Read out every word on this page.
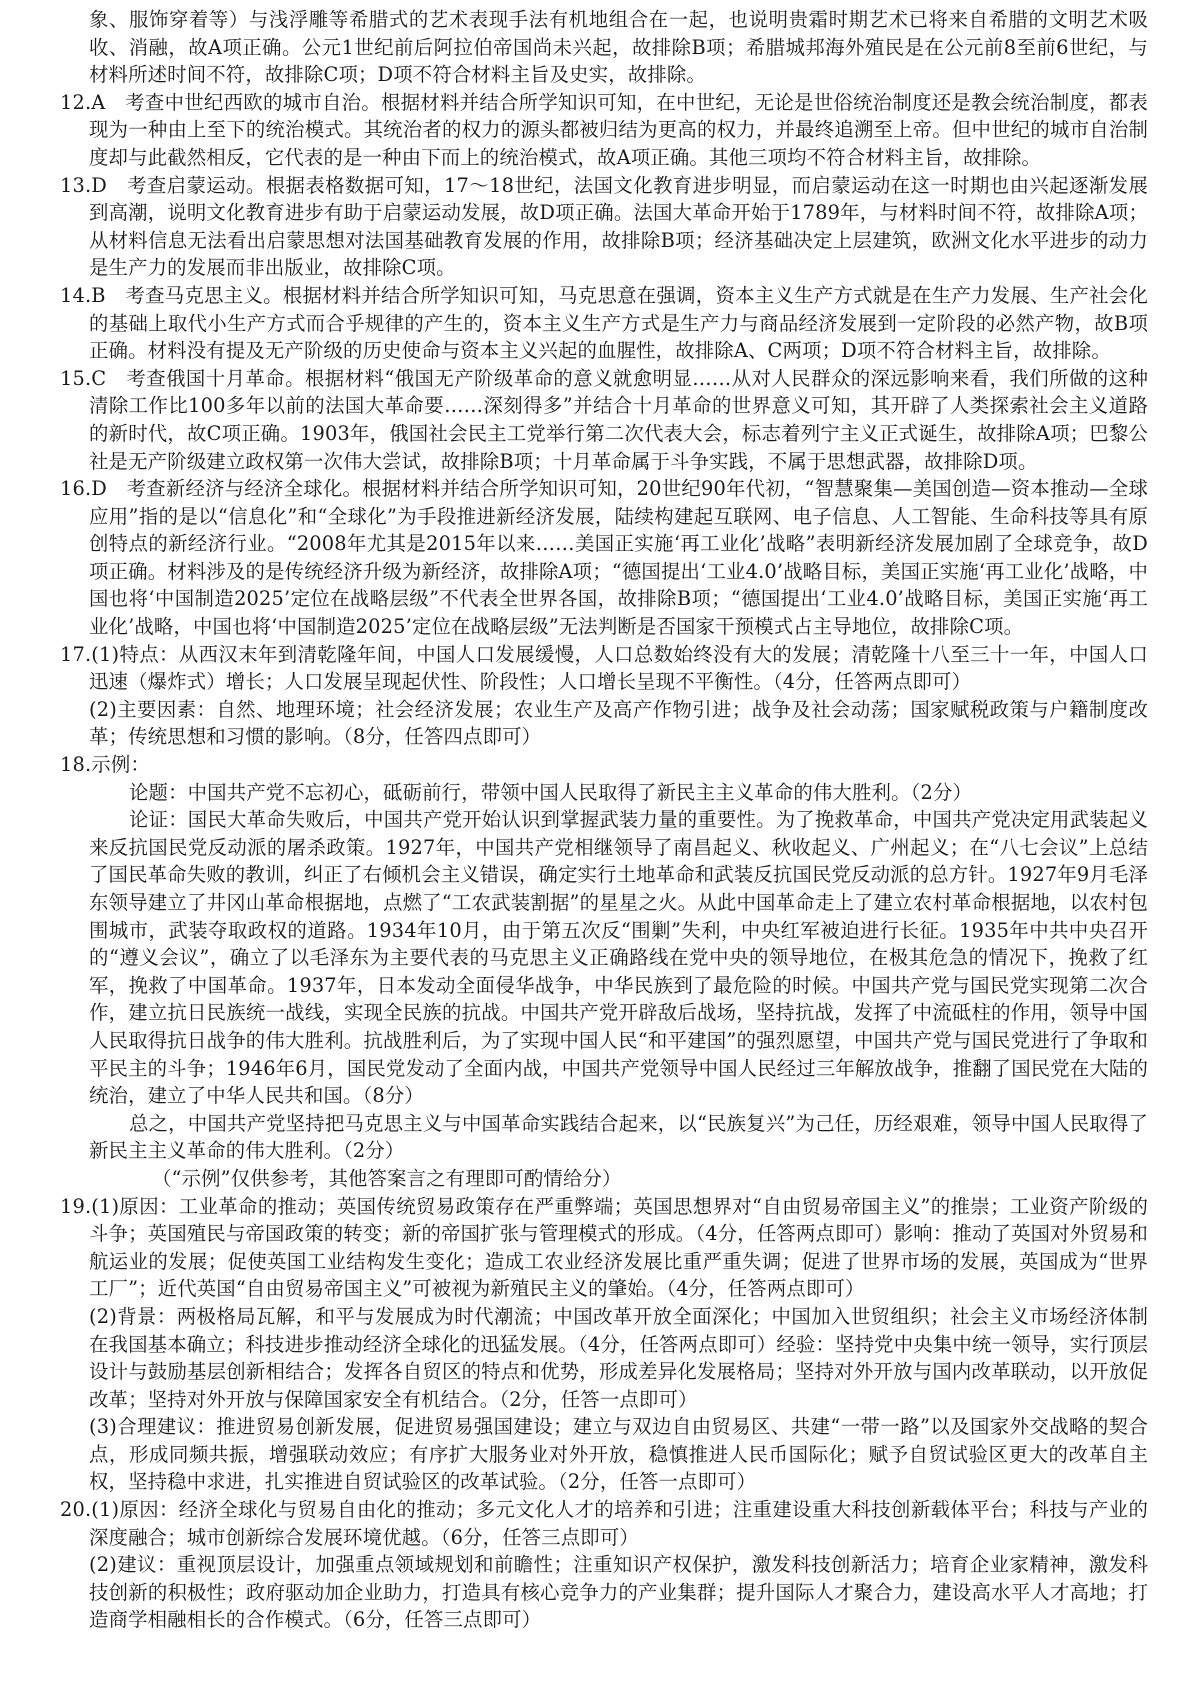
象、服饰穿着等）与浅浮雕等希腊式的艺术表现手法有机地组合在一起，也说明贵霜时期艺术已将来自希腊的文明艺术吸收、消融，故A项正确。公元1世纪前后阿拉伯帝国尚未兴起，故排除B项；希腊城邦海外殖民是在公元前8至前6世纪，与材料所述时间不符，故排除C项；D项不符合材料主旨及史实，故排除。

12.A　考查中世纪西欧的城市自治。根据材料并结合所学知识可知，在中世纪，无论是世俗统治制度还是教会统治制度，都表现为一种由上至下的统治模式。其统治者的权力的源头都被归结为更高的权力，并最终追溯至上帝。但中世纪的城市自治制度却与此截然相反，它代表的是一种由下而上的统治模式，故A项正确。其他三项均不符合材料主旨，故排除。

13.D　考查启蒙运动。根据表格数据可知，17～18世纪，法国文化教育进步明显，而启蒙运动在这一时期也由兴起逐渐发展到高潮，说明文化教育进步有助于启蒙运动发展，故D项正确。法国大革命开始于1789年，与材料时间不符，故排除A项；从材料信息无法看出启蒙思想对法国基础教育发展的作用，故排除B项；经济基础决定上层建筑，欧洲文化水平进步的动力是生产力的发展而非出版业，故排除C项。

14.B　考查马克思主义。根据材料并结合所学知识可知，马克思意在强调，资本主义生产方式就是在生产力发展、生产社会化的基础上取代小生产方式而合乎规律的产生的，资本主义生产方式是生产力与商品经济发展到一定阶段的必然产物，故B项正确。材料没有提及无产阶级的历史使命与资本主义兴起的血腥性，故排除A、C两项；D项不符合材料主旨，故排除。

15.C　考查俄国十月革命。根据材料“俄国无产阶级革命的意义就愈明显……从对人民群众的深远影响来看，我们所做的这种清除工作比100多年以前的法国大革命要……深刻得多”并结合十月革命的世界意义可知，其开辟了人类探索社会主义道路的新时代，故C项正确。1903年，俄国社会民主工党举行第二次代表大会，标志着列宁主义正式诞生，故排除A项；巴黎公社是无产阶级建立政权第一次伟大尝试，故排除B项；十月革命属于斗争实践，不属于思想武器，故排除D项。

16.D　考查新经济与经济全球化。根据材料并结合所学知识可知，20世纪90年代初，“智慧聚集—美国创造—资本推动—全球应用”指的是以“信息化”和“全球化”为手段推进新经济发展，陆续构建起互联网、电子信息、人工智能、生命科技等具有原创特点的新经济行业。“2008年尤其是2015年以来……美国正实施‘再工业化’战略”表明新经济发展加剧了全球竞争，故D项正确。材料涉及的是传统经济升级为新经济，故排除A项；“德国提出‘工业4.0’战略目标，美国正实施‘再工业化’战略，中国也将‘中国制造2025’定位在战略层级”不代表全世界各国，故排除B项；“德国提出‘工业4.0’战略目标，美国正实施‘再工业化’战略，中国也将‘中国制造2025’定位在战略层级”无法判断是否国家干预模式占主导地位，故排除C项。

17.(1)特点：从西汉末年到清乾隆年间，中国人口发展缓慢，人口总数始终没有大的发展；清乾隆十八至三十一年，中国人口迅速（爆炸式）增长；人口发展呈现起伏性、阶段性；人口增长呈现不平衡性。（4分，任答两点即可）

(2)主要因素：自然、地理环境；社会经济发展；农业生产及高产作物引进；战争及社会动荡；国家赋税政策与户籍制度改革；传统思想和习惯的影响。（8分，任答四点即可）

18.示例：

论题：中国共产党不忘初心，砥砺前行，带领中国人民取得了新民主主义革命的伟大胜利。（2分）

论证：国民大革命失败后，中国共产党开始认识到掌握武装力量的重要性。为了挽救革命，中国共产党决定用武装起义来反抗国民党反动派的屠杀政策。1927年，中国共产党相继领导了南昌起义、秋收起义、广州起义；在“八七会议”上总结了国民革命失败的教训，纠正了右倾机会主义错误，确定实行土地革命和武装反抗国民党反动派的总方针。1927年9月毛泽东领导建立了井冈山革命根据地，点燃了“工农武装割据”的星星之火。从此中国革命走上了建立农村革命根据地，以农村包围城市，武装夺取政权的道路。1934年10月，由于第五次反“围剿”失利，中央红军被迫进行长征。1935年中共中央召开的“遵义会议”，确立了以毛泽东为主要代表的马克思主义正确路线在党中央的领导地位，在极其危急的情况下，挽救了红军，挽救了中国革命。1937年，日本发动全面侵华战争，中华民族到了最危险的时候。中国共产党与国民党实现第二次合作，建立抗日民族统一战线，实现全民族的抗战。中国共产党开辟敌后战场，坚持抗战，发挥了中流砥柱的作用，领导中国人民取得抗日战争的伟大胜利。抗战胜利后，为了实现中国人民“和平建国”的强烈愿望，中国共产党与国民党进行了争取和平民主的斗争；1946年6月，国民党发动了全面内战，中国共产党领导中国人民经过三年解放战争，推翻了国民党在大陆的统治，建立了中华人民共和国。（8分）

总之，中国共产党坚持把马克思主义与中国革命实践结合起来，以“民族复兴”为己任，历经艰难，领导中国人民取得了新民主主义革命的伟大胜利。（2分）

（“示例”仅供参考，其他答案言之有理即可酌情给分）

19.(1)原因：工业革命的推动；英国传统贸易政策存在严重弊端；英国思想界对“自由贸易帝国主义”的推崇；工业资产阶级的斗争；英国殖民与帝国政策的转变；新的帝国扩张与管理模式的形成。（4分，任答两点即可）影响：推动了英国对外贸易和航运业的发展；促使英国工业结构发生变化；造成工农业经济发展比重严重失调；促进了世界市场的发展，英国成为“世界工厂”；近代英国“自由贸易帝国主义”可被视为新殖民主义的肇始。（4分，任答两点即可）

(2)背景：两极格局瓦解，和平与发展成为时代潮流；中国改革开放全面深化；中国加入世贸组织；社会主义市场经济体制在我国基本确立；科技进步推动经济全球化的迅猛发展。（4分，任答两点即可）经验：坚持党中央集中统一领导，实行顶层设计与鼓励基层创新相结合；发挥各自贸区的特点和优势，形成差异化发展格局；坚持对外开放与国内改革联动，以开放促改革；坚持对外开放与保障国家安全有机结合。（2分，任答一点即可）

(3)合理建议：推进贸易创新发展，促进贸易强国建设；建立与双边自由贸易区、共建“一带一路”以及国家外交战略的契合点，形成同频共振，增强联动效应；有序扩大服务业对外开放，稳慎推进人民币国际化；赋予自贸试验区更大的改革自主权，坚持稳中求进，扎实推进自贸试验区的改革试验。（2分，任答一点即可）

20.(1)原因：经济全球化与贸易自由化的推动；多元文化人才的培养和引进；注重建设重大科技创新载体平台；科技与产业的深度融合；城市创新综合发展环境优越。（6分，任答三点即可）

(2)建议：重视顶层设计，加强重点领域规划和前瞻性；注重知识产权保护，激发科技创新活力；培育企业家精神，激发科技创新的积极性；政府驱动加企业助力，打造具有核心竞争力的产业集群；提升国际人才聚合力，建设高水平人才高地；打造商学相融相长的合作模式。（6分，任答三点即可）
